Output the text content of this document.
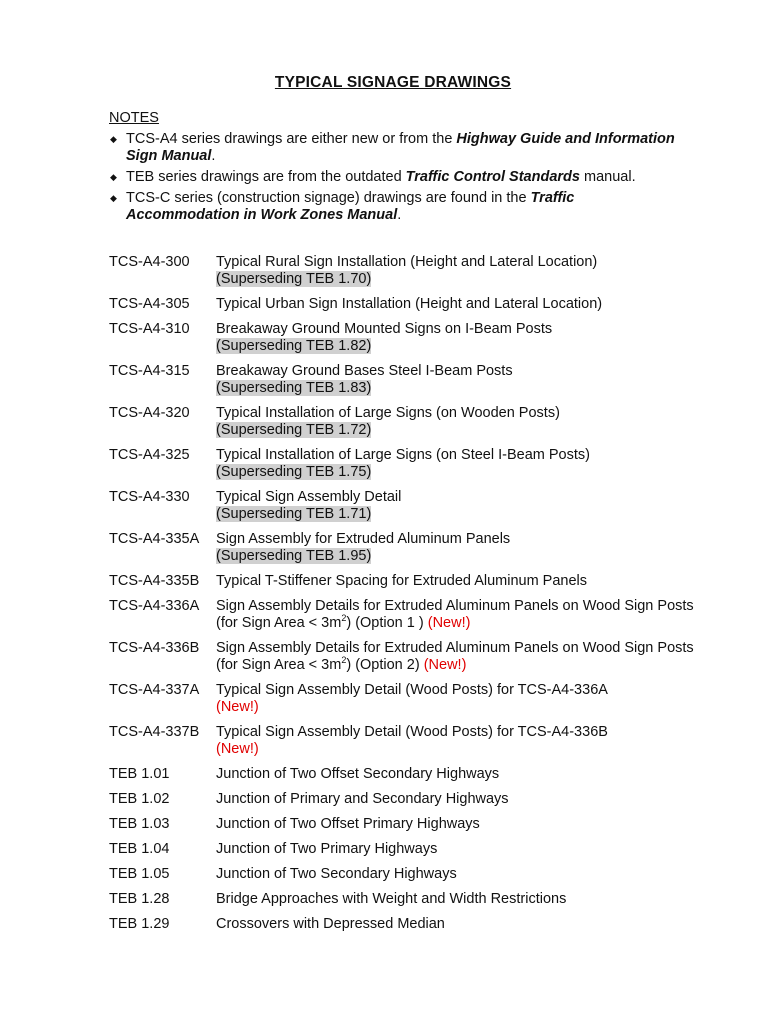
TYPICAL SIGNAGE DRAWINGS
NOTES
◆ TCS-A4 series drawings are either new or from the Highway Guide and Information Sign Manual.
◆ TEB series drawings are from the outdated Traffic Control Standards manual.
◆ TCS-C series (construction signage) drawings are found in the Traffic Accommodation in Work Zones Manual.
TCS-A4-300	Typical Rural Sign Installation (Height and Lateral Location)
(Superseding TEB 1.70)
TCS-A4-305	Typical Urban Sign Installation (Height and Lateral Location)
TCS-A4-310	Breakaway Ground Mounted Signs on I-Beam Posts
(Superseding TEB 1.82)
TCS-A4-315	Breakaway Ground Bases Steel I-Beam Posts
(Superseding TEB 1.83)
TCS-A4-320	Typical Installation of Large Signs (on Wooden Posts)
(Superseding TEB 1.72)
TCS-A4-325	Typical Installation of Large Signs (on Steel I-Beam Posts)
(Superseding TEB 1.75)
TCS-A4-330	Typical Sign Assembly Detail
(Superseding TEB 1.71)
TCS-A4-335A	Sign Assembly for Extruded Aluminum Panels
(Superseding TEB 1.95)
TCS-A4-335B	Typical T-Stiffener Spacing for Extruded Aluminum Panels
TCS-A4-336A	Sign Assembly Details for Extruded Aluminum Panels on Wood Sign Posts (for Sign Area < $3m^2$) (Option 1 ) (New!)
TCS-A4-336B	Sign Assembly Details for Extruded Aluminum Panels on Wood Sign Posts (for Sign Area < $3m^2$) (Option 2) (New!)
TCS-A4-337A	Typical Sign Assembly Detail (Wood Posts) for TCS-A4-336A
(New!)
TCS-A4-337B	Typical Sign Assembly Detail (Wood Posts) for TCS-A4-336B
(New!)
TEB 1.01	Junction of Two Offset Secondary Highways
TEB 1.02	Junction of Primary and Secondary Highways
TEB 1.03	Junction of Two Offset Primary Highways
TEB 1.04	Junction of Two Primary Highways
TEB 1.05	Junction of Two Secondary Highways
TEB 1.28	Bridge Approaches with Weight and Width Restrictions
TEB 1.29	Crossovers with Depressed Median
